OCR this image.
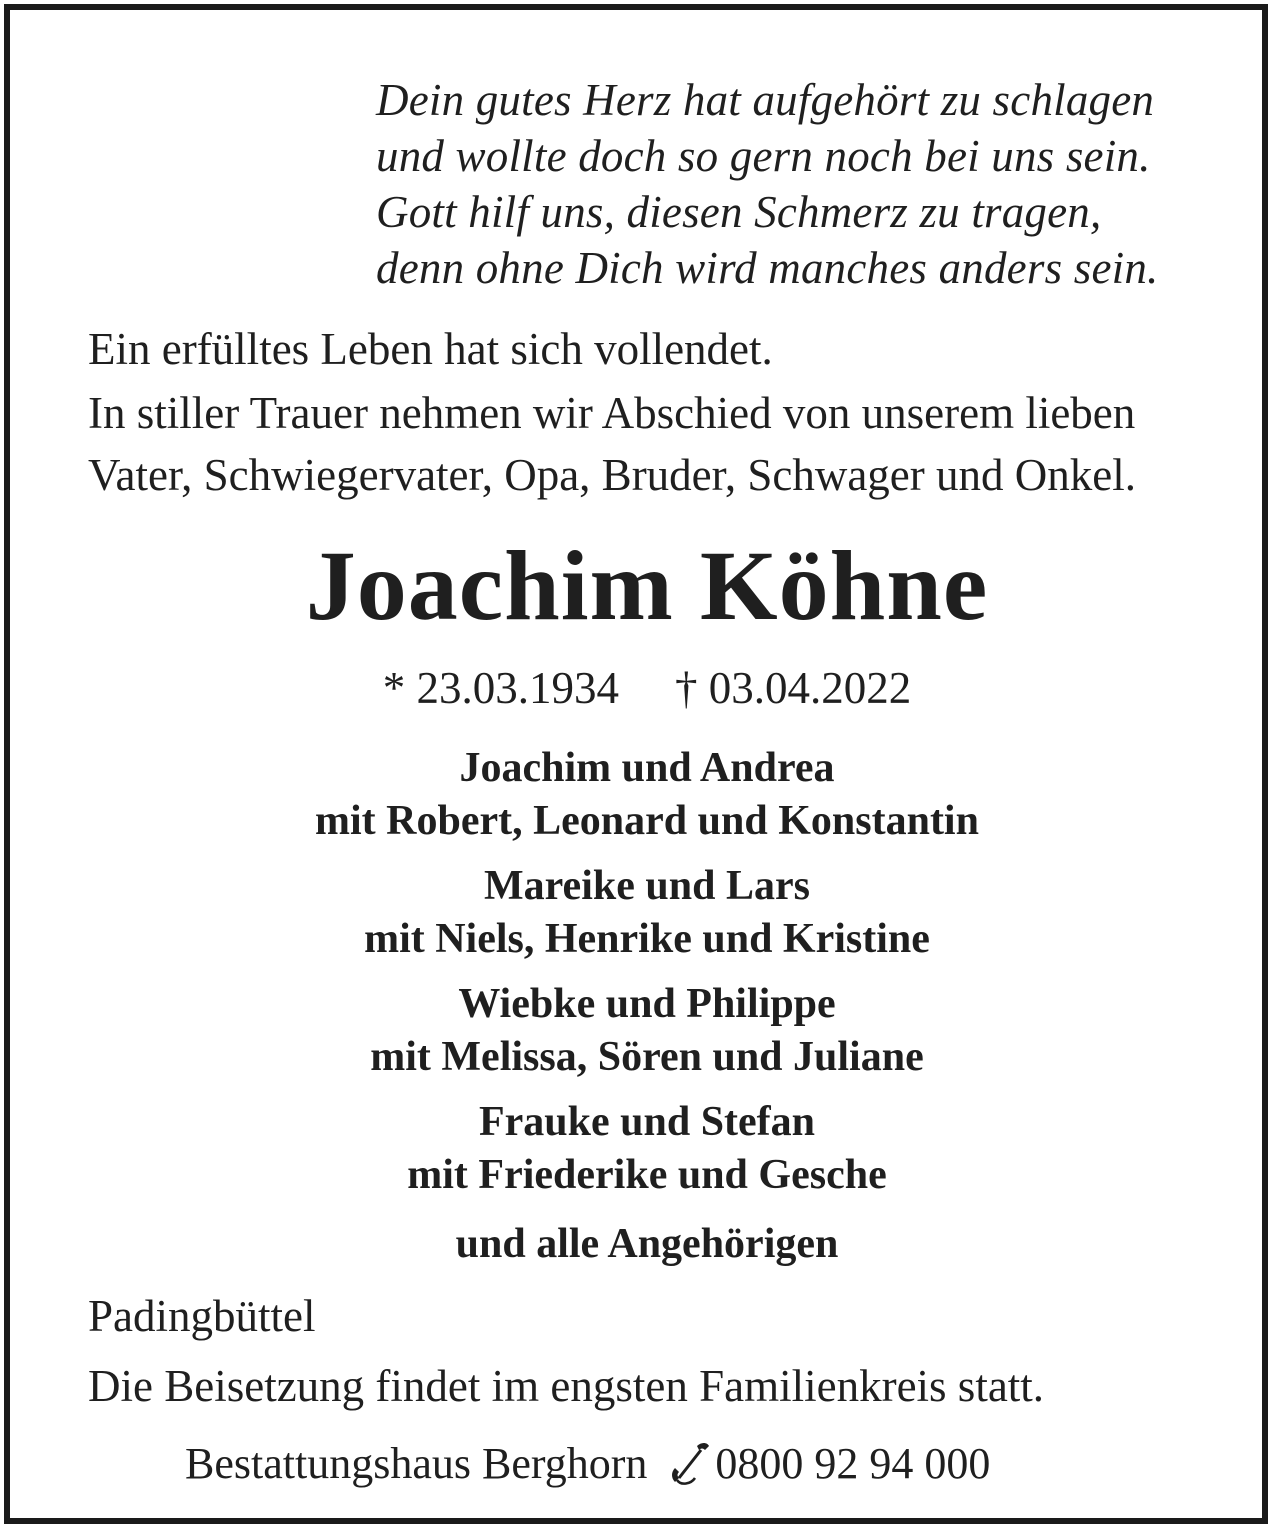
Dein gutes Herz hat aufgehört zu schlagen
und wollte doch so gern noch bei uns sein.
Gott hilf uns, diesen Schmerz zu tragen,
denn ohne Dich wird manches anders sein.
Ein erfülltes Leben hat sich vollendet.
In stiller Trauer nehmen wir Abschied von unserem lieben
Vater, Schwiegervater, Opa, Bruder, Schwager und Onkel.
Joachim Köhne
* 23.03.1934 † 03.04.2022
Joachim und Andrea
mit Robert, Leonard und Konstantin
Mareike und Lars
mit Niels, Henrike und Kristine
Wiebke und Philippe
mit Melissa, Sören und Juliane
Frauke und Stefan
mit Friederike und Gesche
und alle Angehörigen
Padingbüttel
Die Beisetzung findet im engsten Familienkreis statt.
Bestattungshaus Berghorn 0800 92 94 000
